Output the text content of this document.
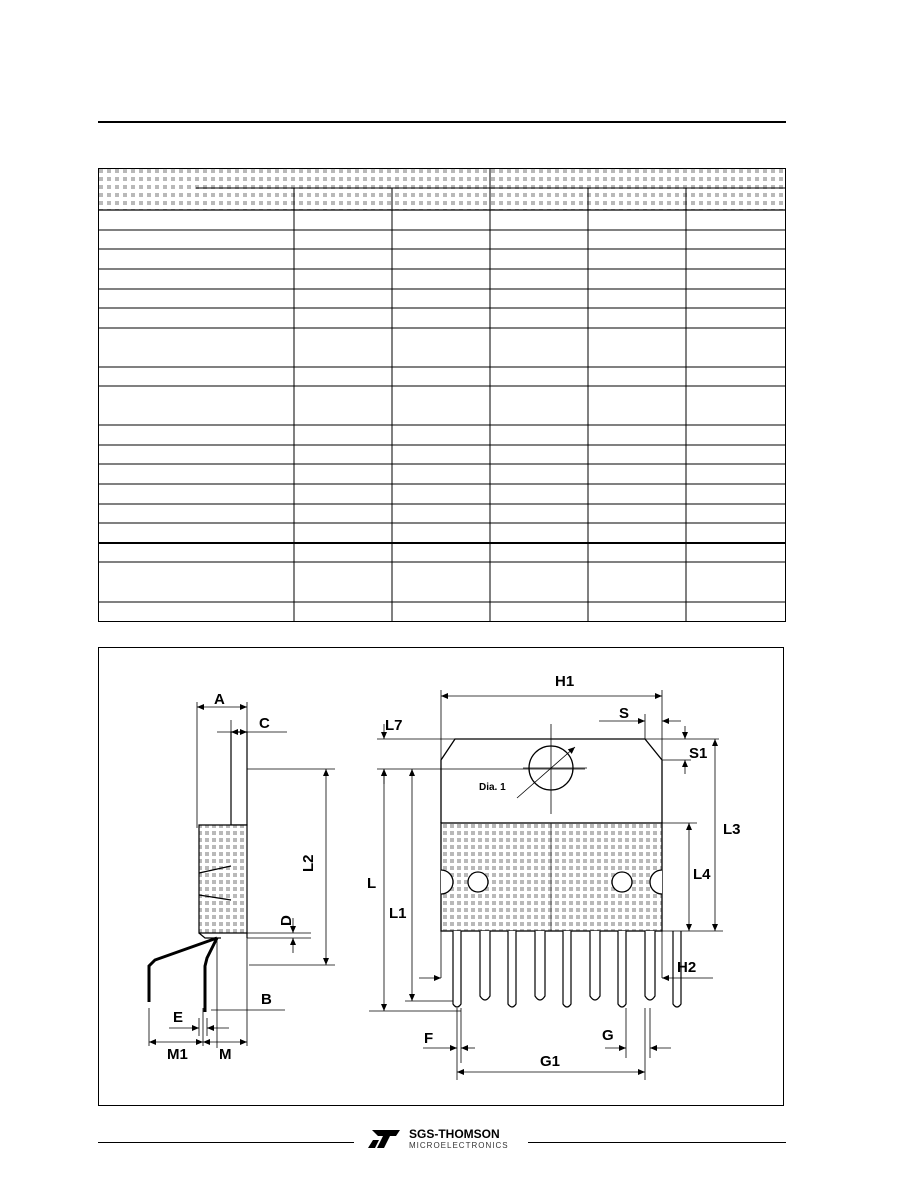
A
C
L2
D
B
E
M1 M
H1
S
L7
S1
L3
L
L1
L4
H2
F	G
G1
Dia. 1
SGS-THOMSON
MICROELECTRONICS
